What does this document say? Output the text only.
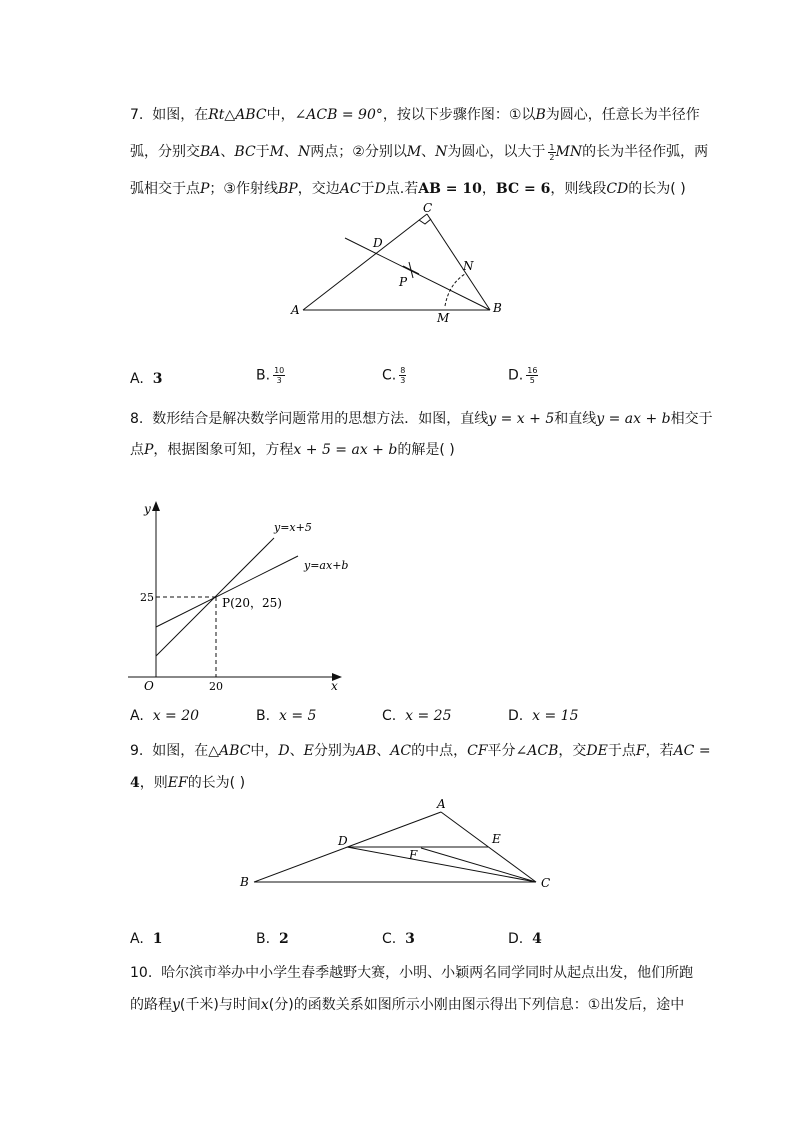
7. 如图，在Rt△ABC中，∠ACB = 90°，按以下步骤作图：①以B为圆心，任意长为半径作
弧，分别交BA、BC于M、N两点；②分别以M、N为圆心，以大于 $\frac{1}{2}$ MN的长为半径作弧，两
弧相交于点P；③作射线BP，交边AC于D点.若AB = 10，BC = 6，则线段CD的长为( )
A	B
C
D
N
P
M
A. 3	B. $\frac{10}{3}$	C. $\frac{8}{3}$	D. $\frac{16}{5}$
8. 数形结合是解决数学问题常用的思想方法．如图，直线y = x + 5和直线y = ax + b相交于
点P，根据图象可知，方程x + 5 = ax + b的解是( )
y
x
O
25
20
y=x+5
y=ax+b
P(20，25)
A. x = 20	B. x = 5	C. x = 25	D. x = 15
9. 如图，在△ABC中，D、E分别为AB、AC的中点，CF平分∠ACB，交DE于点F，若AC =
4，则EF的长为( )
A
B	C
D	E
F
A. 1	B. 2	C. 3	D. 4
10. 哈尔滨市举办中小学生春季越野大赛，小明、小颖两名同学同时从起点出发，他们所跑
的路程y(千米)与时间x(分)的函数关系如图所示小刚由图示得出下列信息：①出发后，途中
